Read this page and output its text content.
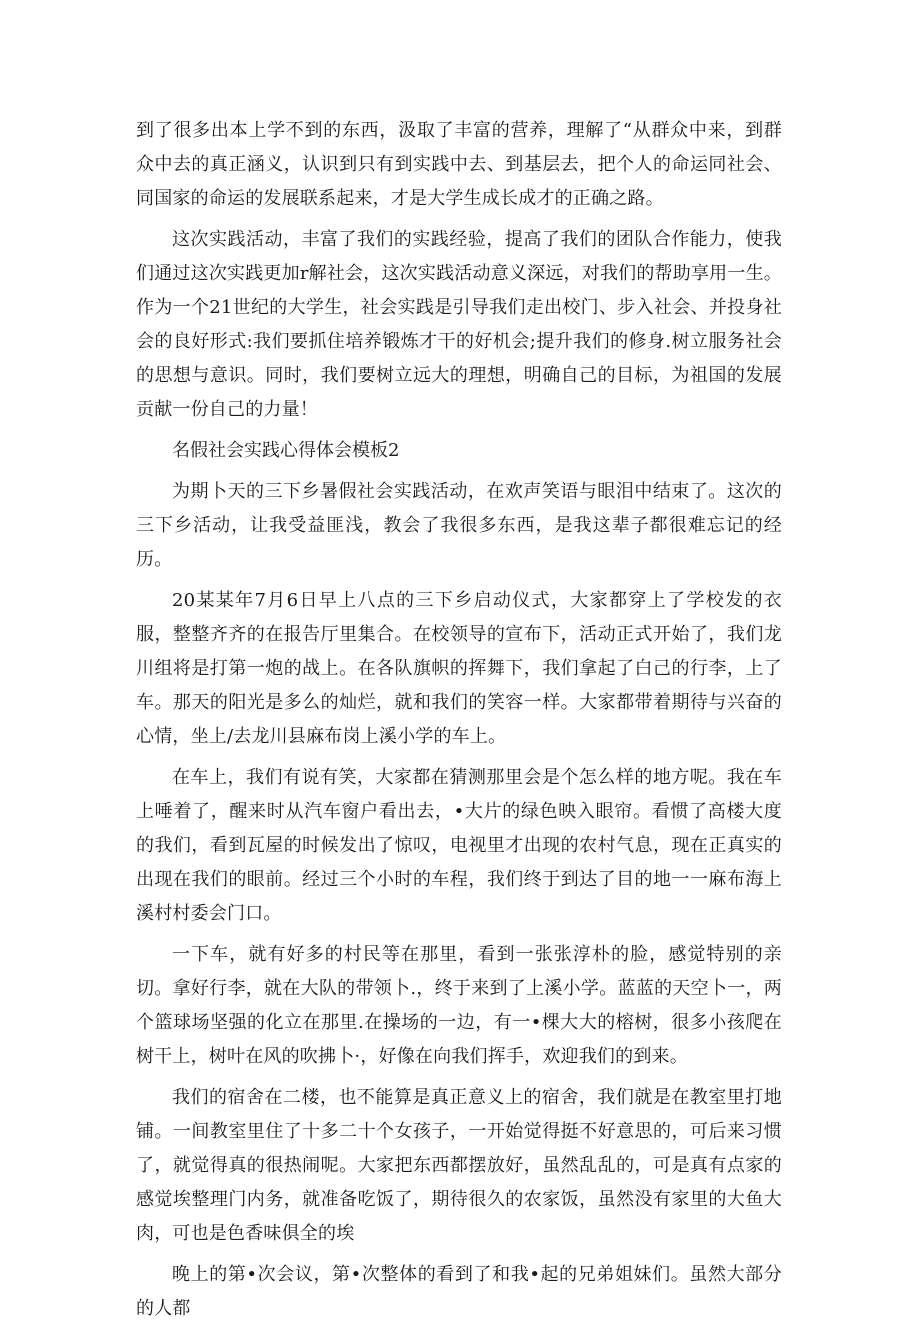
到了很多出本上学不到的东西，汲取了丰富的营养，理解了“从群众中来，到群众中去的真正涵义，认识到只有到实践中去、到基层去，把个人的命运同社会、同国家的命运的发展联系起来，才是大学生成长成才的正确之路。

这次实践活动，丰富了我们的实践经验，提高了我们的团队合作能力，使我们通过这次实践更加r解社会，这次实践活动意义深远，对我们的帮助享用一生。作为一个21世纪的大学生，社会实践是引导我们走出校门、步入社会、并投身社会的良好形式:我们要抓住培养锻炼才干的好机会;提升我们的修身.树立服务社会的思想与意识。同时，我们要树立远大的理想，明确自己的目标，为祖国的发展贡献一份自己的力量！

名假社会实践心得体会模板2

为期卜天的三下乡暑假社会实践活动，在欢声笑语与眼泪中结束了。这次的三下乡活动，让我受益匪浅，教会了我很多东西，是我这辈子都很难忘记的经历。

20某某年7月6日早上八点的三下乡启动仪式，大家都穿上了学校发的衣服，整整齐齐的在报告厅里集合。在校领导的宣布下，活动正式开始了，我们龙川组将是打第一炮的战上。在各队旗帜的挥舞下，我们拿起了白己的行李，上了车。那天的阳光是多么的灿烂，就和我们的笑容一样。大家都带着期待与兴奋的心情，坐上/去龙川县麻布岗上溪小学的车上。

在车上，我们有说有笑，大家都在猜测那里会是个怎么样的地方呢。我在车上唾着了，醒来时从汽车窗户看出去，•大片的绿色映入眼帘。看惯了高楼大度的我们，看到瓦屋的时候发出了惊叹，电视里才出现的农村气息，现在正真实的出现在我们的眼前。经过三个小时的车程，我们终于到达了目的地一一麻布海上溪村村委会门口。

一下车，就有好多的村民等在那里，看到一张张淳朴的脸，感觉特别的亲切。拿好行李，就在大队的带领卜.，终于来到了上溪小学。蓝蓝的天空卜一，两个篮球场坚强的化立在那里.在操场的一边，有一•棵大大的榕树，很多小孩爬在树干上，树叶在风的吹拂卜·，好像在向我们挥手，欢迎我们的到来。

我们的宿舍在二楼，也不能算是真正意义上的宿舍，我们就是在教室里打地铺。一间教室里住了十多二十个女孩子，一开始觉得挺不好意思的，可后来习惯了，就觉得真的很热闹呢。大家把东西都摆放好，虽然乱乱的，可是真有点家的感觉埃整理门内务，就准备吃饭了，期待很久的农家饭，虽然没有家里的大鱼大肉，可也是色香味俱全的埃

晚上的第•次会议，第•次整体的看到了和我•起的兄弟姐妹们。虽然大部分的人都
